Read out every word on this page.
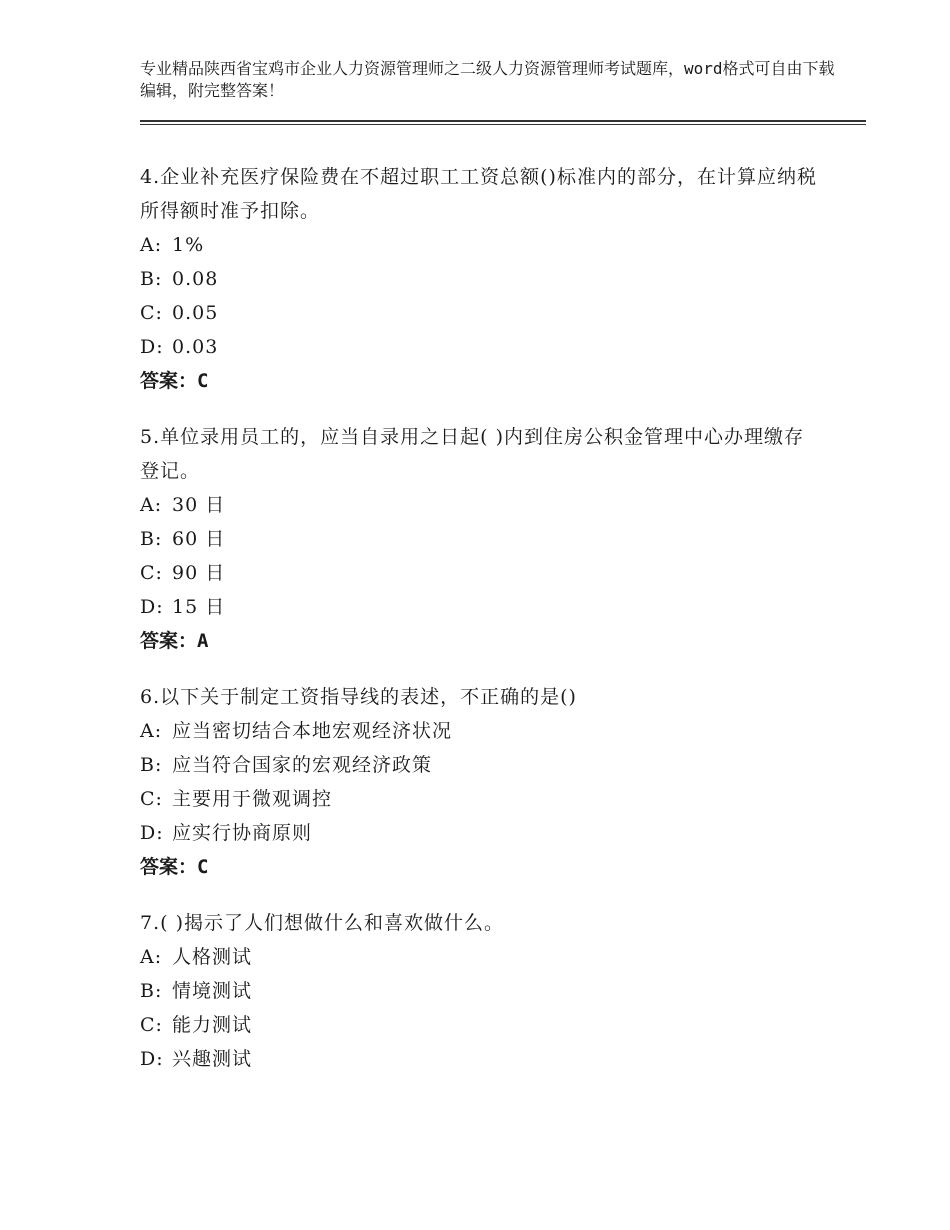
专业精品陕西省宝鸡市企业人力资源管理师之二级人力资源管理师考试题库，word格式可自由下载编辑，附完整答案！

4.企业补充医疗保险费在不超过职工工资总额()标准内的部分，在计算应纳税所得额时准予扣除。

A: 1%

B: 0.08

C: 0.05

D: 0.03

答案：C

5.单位录用员工的，应当自录用之日起( )内到住房公积金管理中心办理缴存登记。

A: 30 日

B: 60 日

C: 90 日

D: 15 日

答案：A

6.以下关于制定工资指导线的表述，不正确的是()

A: 应当密切结合本地宏观经济状况

B: 应当符合国家的宏观经济政策

C: 主要用于微观调控

D: 应实行协商原则

答案：C

7.( )揭示了人们想做什么和喜欢做什么。

A: 人格测试

B: 情境测试

C: 能力测试

D: 兴趣测试
